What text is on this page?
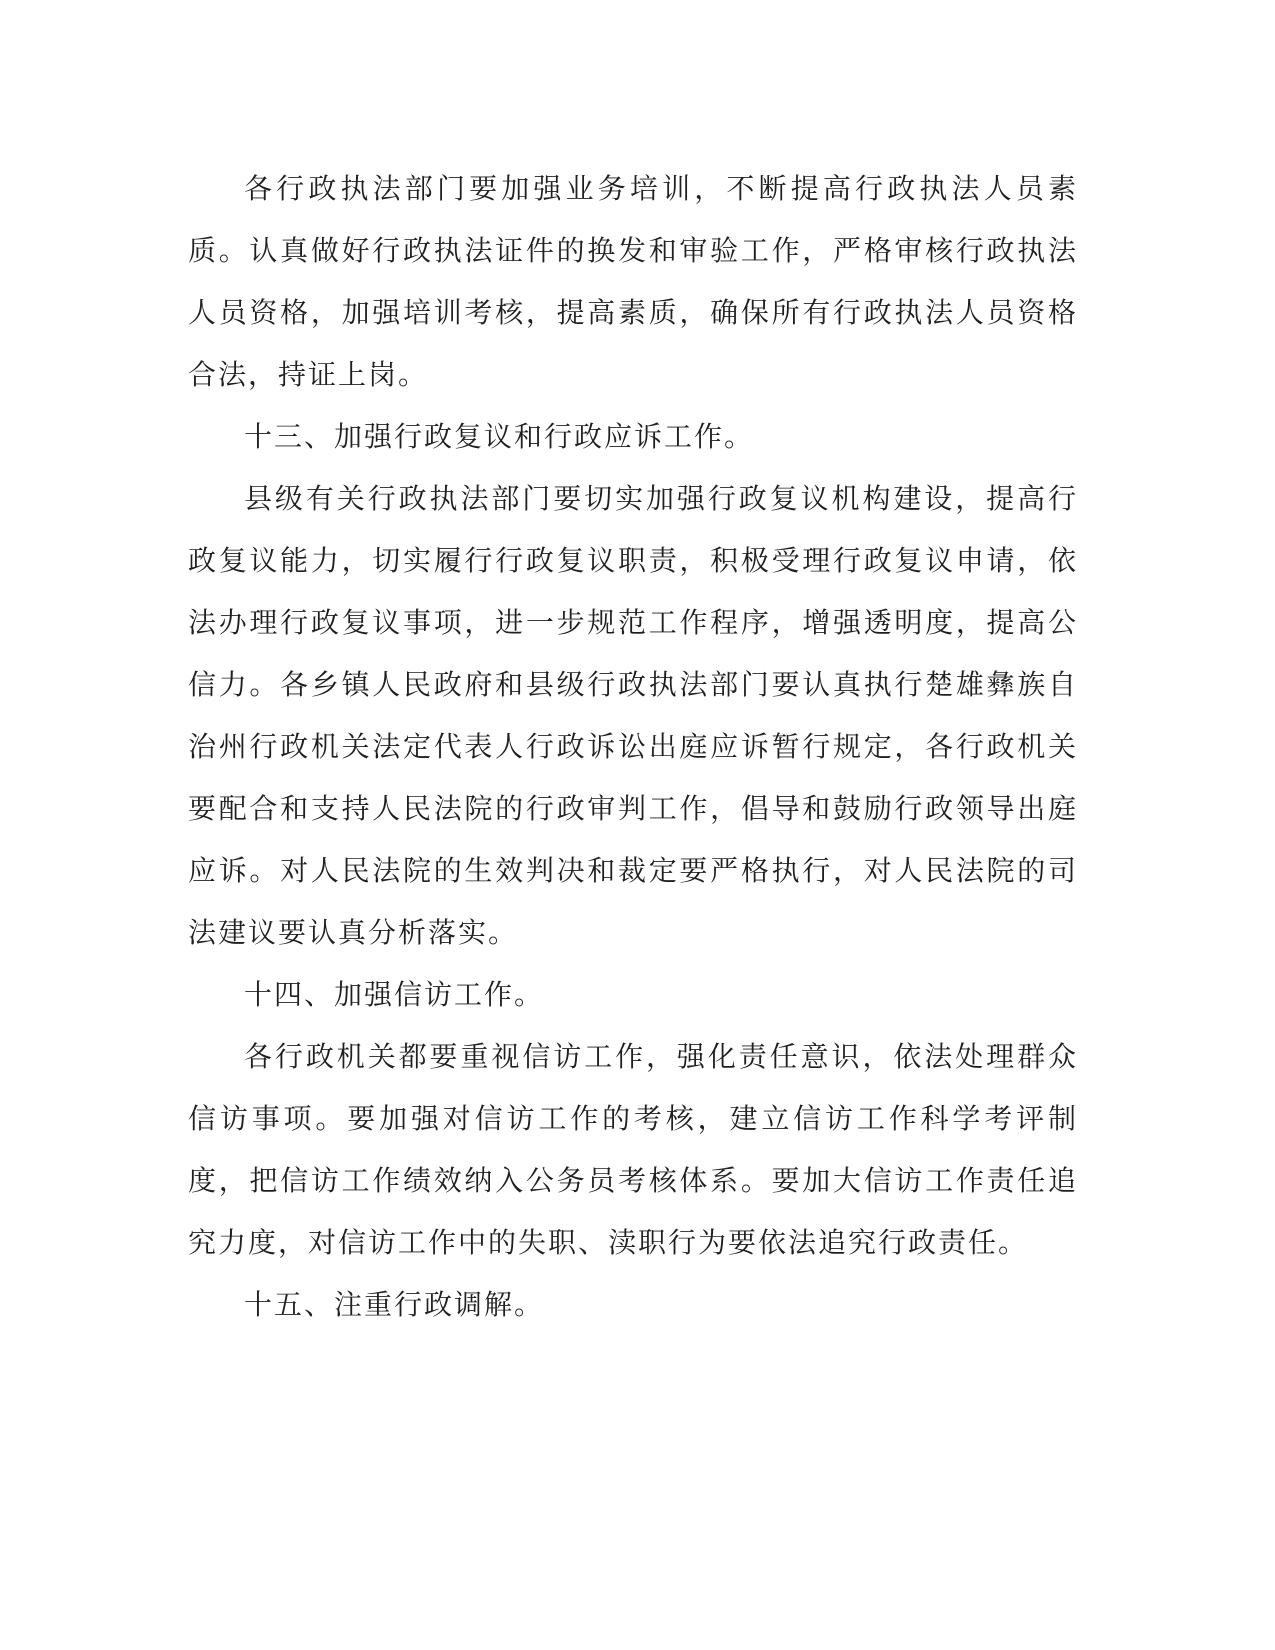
各行政执法部门要加强业务培训，不断提高行政执法人员素质。认真做好行政执法证件的换发和审验工作，严格审核行政执法人员资格，加强培训考核，提高素质，确保所有行政执法人员资格合法，持证上岗。

十三、加强行政复议和行政应诉工作。

县级有关行政执法部门要切实加强行政复议机构建设，提高行政复议能力，切实履行行政复议职责，积极受理行政复议申请，依法办理行政复议事项，进一步规范工作程序，增强透明度，提高公信力。各乡镇人民政府和县级行政执法部门要认真执行楚雄彝族自治州行政机关法定代表人行政诉讼出庭应诉暂行规定，各行政机关要配合和支持人民法院的行政审判工作，倡导和鼓励行政领导出庭应诉。对人民法院的生效判决和裁定要严格执行，对人民法院的司法建议要认真分析落实。

十四、加强信访工作。

各行政机关都要重视信访工作，强化责任意识，依法处理群众信访事项。要加强对信访工作的考核，建立信访工作科学考评制度，把信访工作绩效纳入公务员考核体系。要加大信访工作责任追究力度，对信访工作中的失职、渎职行为要依法追究行政责任。

十五、注重行政调解。
